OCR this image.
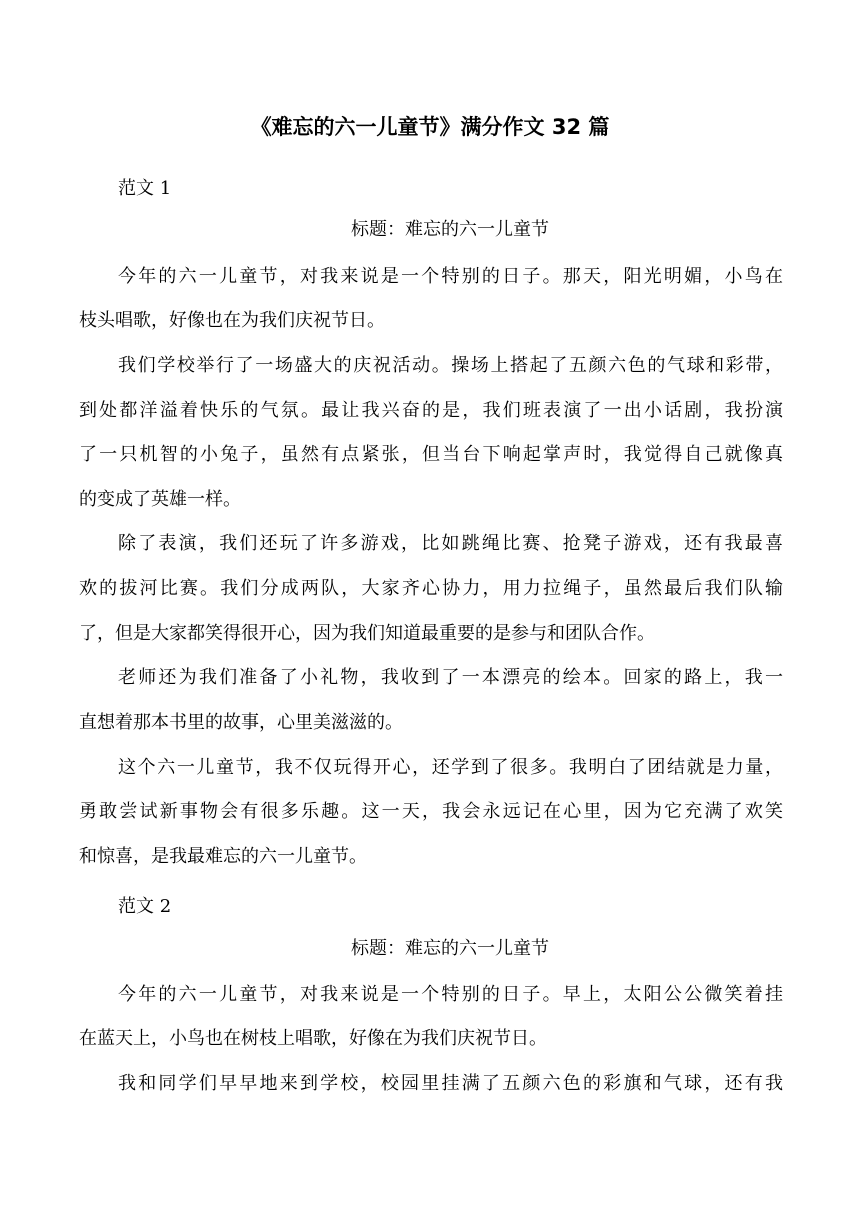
《难忘的六一儿童节》满分作文 32 篇
范文 1
标题：难忘的六一儿童节
今年的六一儿童节，对我来说是一个特别的日子。那天，阳光明媚，小鸟在
枝头唱歌，好像也在为我们庆祝节日。
我们学校举行了一场盛大的庆祝活动。操场上搭起了五颜六色的气球和彩带，
到处都洋溢着快乐的气氛。最让我兴奋的是，我们班表演了一出小话剧，我扮演
了一只机智的小兔子，虽然有点紧张，但当台下响起掌声时，我觉得自己就像真
的变成了英雄一样。
除了表演，我们还玩了许多游戏，比如跳绳比赛、抢凳子游戏，还有我最喜
欢的拔河比赛。我们分成两队，大家齐心协力，用力拉绳子，虽然最后我们队输
了，但是大家都笑得很开心，因为我们知道最重要的是参与和团队合作。
老师还为我们准备了小礼物，我收到了一本漂亮的绘本。回家的路上，我一
直想着那本书里的故事，心里美滋滋的。
这个六一儿童节，我不仅玩得开心，还学到了很多。我明白了团结就是力量，
勇敢尝试新事物会有很多乐趣。这一天，我会永远记在心里，因为它充满了欢笑
和惊喜，是我最难忘的六一儿童节。
范文 2
标题：难忘的六一儿童节
今年的六一儿童节，对我来说是一个特别的日子。早上，太阳公公微笑着挂
在蓝天上，小鸟也在树枝上唱歌，好像在为我们庆祝节日。
我和同学们早早地来到学校，校园里挂满了五颜六色的彩旗和气球，还有我
